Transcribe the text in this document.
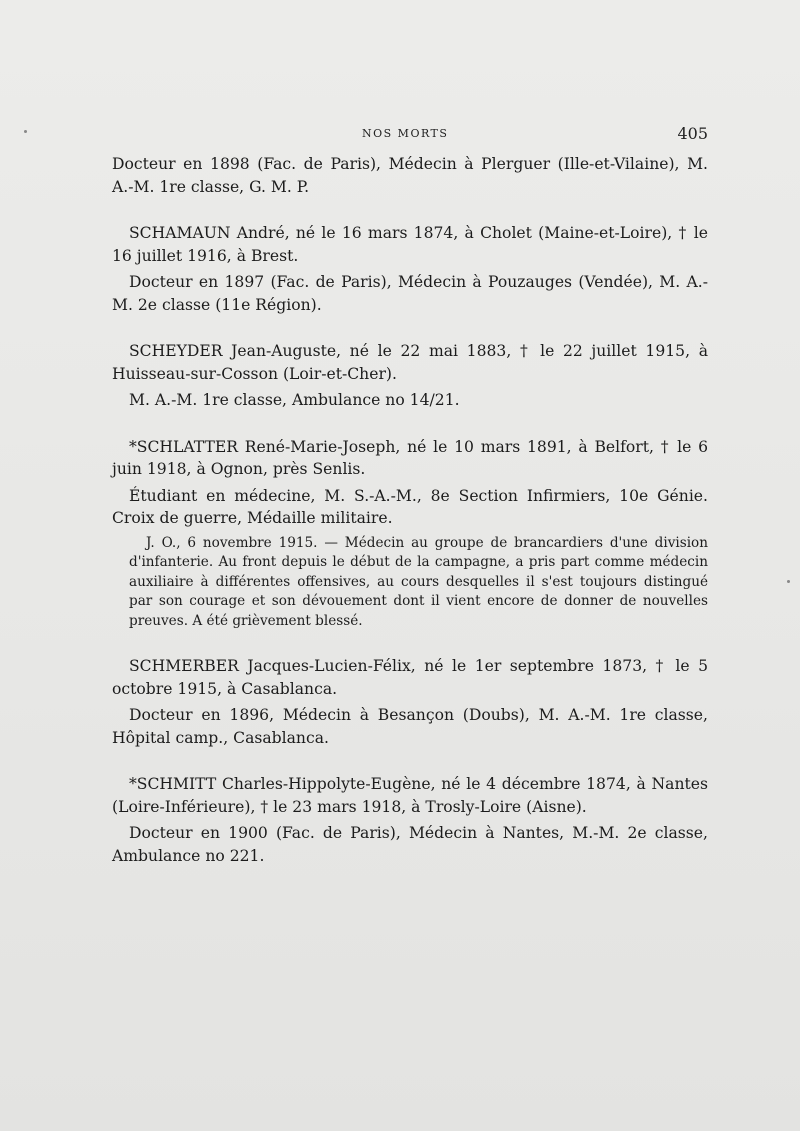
NOS MORTS	405

Docteur en 1898 (Fac. de Paris), Médecin à Plerguer (Ille-et-Vilaine), M. A.-M. 1re classe, G. M. P.

SCHAMAUN André, né le 16 mars 1874, à Cholet (Maine-et-Loire), † le 16 juillet 1916, à Brest.

Docteur en 1897 (Fac. de Paris), Médecin à Pouzauges (Vendée), M. A.-M. 2e classe (11e Région).

SCHEYDER Jean-Auguste, né le 22 mai 1883, † le 22 juillet 1915, à Huisseau-sur-Cosson (Loir-et-Cher).

M. A.-M. 1re classe, Ambulance no 14/21.

*SCHLATTER René-Marie-Joseph, né le 10 mars 1891, à Belfort, † le 6 juin 1918, à Ognon, près Senlis.

Étudiant en médecine, M. S.-A.-M., 8e Section Infirmiers, 10e Génie. Croix de guerre, Médaille militaire.

J. O., 6 novembre 1915. — Médecin au groupe de brancardiers d'une division d'infanterie. Au front depuis le début de la campagne, a pris part comme médecin auxiliaire à différentes offensives, au cours desquelles il s'est toujours distingué par son courage et son dévouement dont il vient encore de donner de nouvelles preuves. A été grièvement blessé.

SCHMERBER Jacques-Lucien-Félix, né le 1er septembre 1873, † le 5 octobre 1915, à Casablanca.

Docteur en 1896, Médecin à Besançon (Doubs), M. A.-M. 1re classe, Hôpital camp., Casablanca.

*SCHMITT Charles-Hippolyte-Eugène, né le 4 décembre 1874, à Nantes (Loire-Inférieure), † le 23 mars 1918, à Trosly-Loire (Aisne).

Docteur en 1900 (Fac. de Paris), Médecin à Nantes, M.-M. 2e classe, Ambulance no 221.
